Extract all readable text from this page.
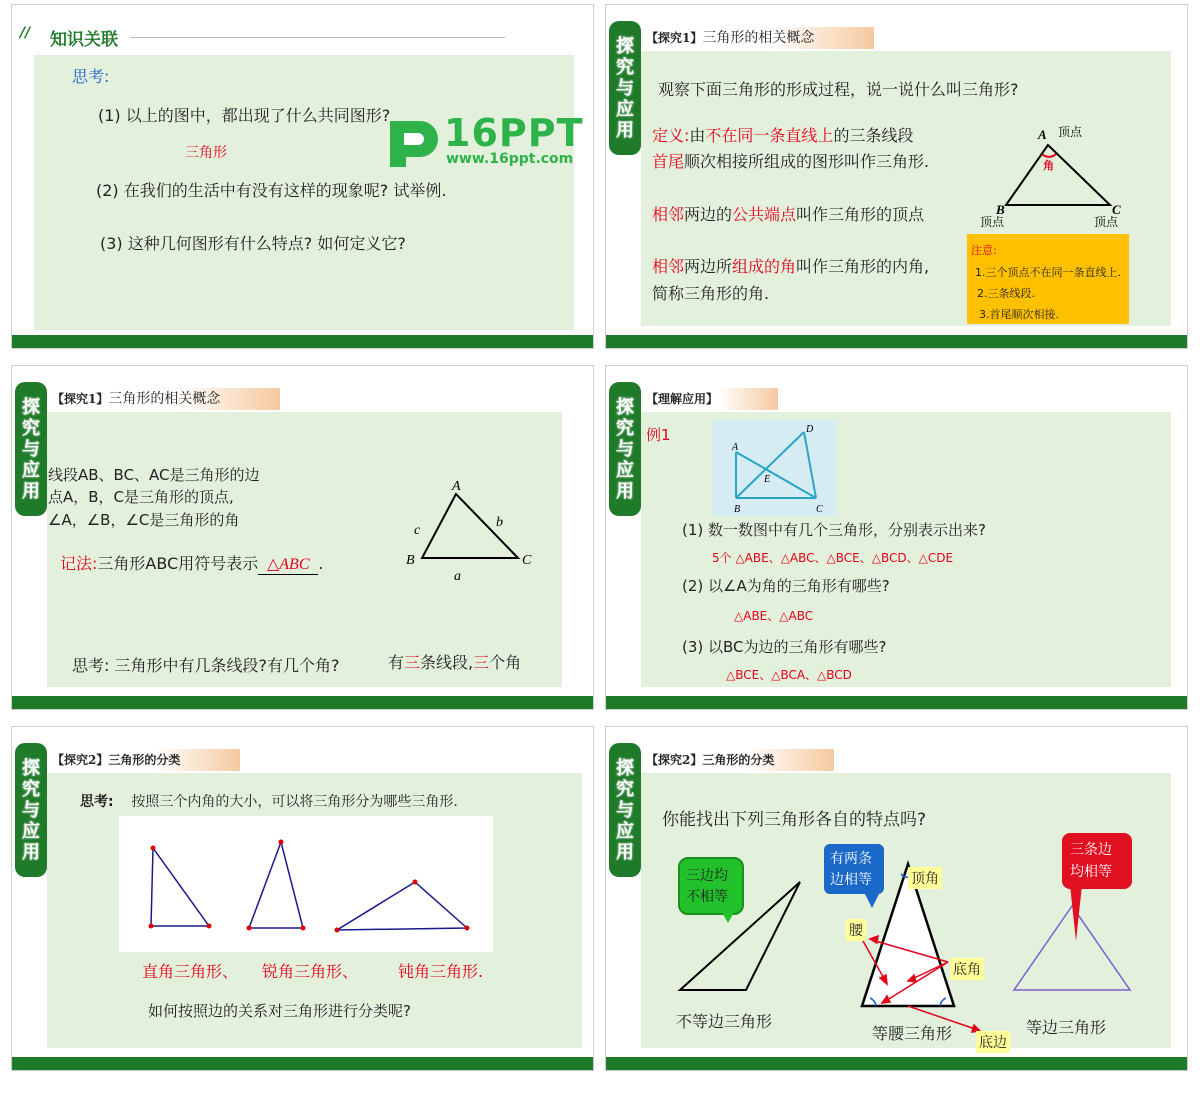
// 知识关联
思考:
(1) 以上的图中，都出现了什么共同图形?
三角形
(2) 在我们的生活中有没有这样的现象呢? 试举例.
(3) 这种几何图形有什么特点? 如何定义它?
16PPT
www.16ppt.com
探
究
与
应
用
【探究1】三角形的相关概念
观察下面三角形的形成过程，说一说什么叫三角形?
定义:由不在同一条直线上的三条线段
首尾顺次相接所组成的图形叫作三角形.
相邻两边的公共端点叫作三角形的顶点
相邻两边所组成的角叫作三角形的内角,
简称三角形的角.
A
B	C
顶点
顶点	顶点
角
注意:
1.三个顶点不在同一条直线上.
2.三条线段.
3.首尾顺次相接.
探
究
与
应
用
【探究1】三角形的相关概念
线段AB、BC、AC是三角形的边
点A，B，C是三角形的顶点,
∠A，∠B，∠C是三角形的角
记法:三角形ABC用符号表示 △ABC .
A
B	C
a
b
c
思考: 三角形中有几条线段?有几个角?	有三条线段,三个角
探
究
与
应
用
【理解应用】
例1
A
B	C
D
E
(1) 数一数图中有几个三角形，分别表示出来?
5个 △ABE、△ABC、△BCE、△BCD、△CDE
(2) 以∠A为角的三角形有哪些?
△ABE、△ABC
(3) 以BC为边的三角形有哪些?
△BCE、△BCA、△BCD
探
究
与
应
用
【探究2】三角形的分类
思考: 按照三个内角的大小，可以将三角形分为哪些三角形.
直角三角形、 锐角三角形、 钝角三角形.
如何按照边的关系对三角形进行分类呢?
探
究
与
应
用
【探究2】三角形的分类
你能找出下列三角形各自的特点吗?
三边均
不相等
有两条
边相等
三条边
均相等
顶角
腰
底角
底边
不等边三角形
等腰三角形	等边三角形
